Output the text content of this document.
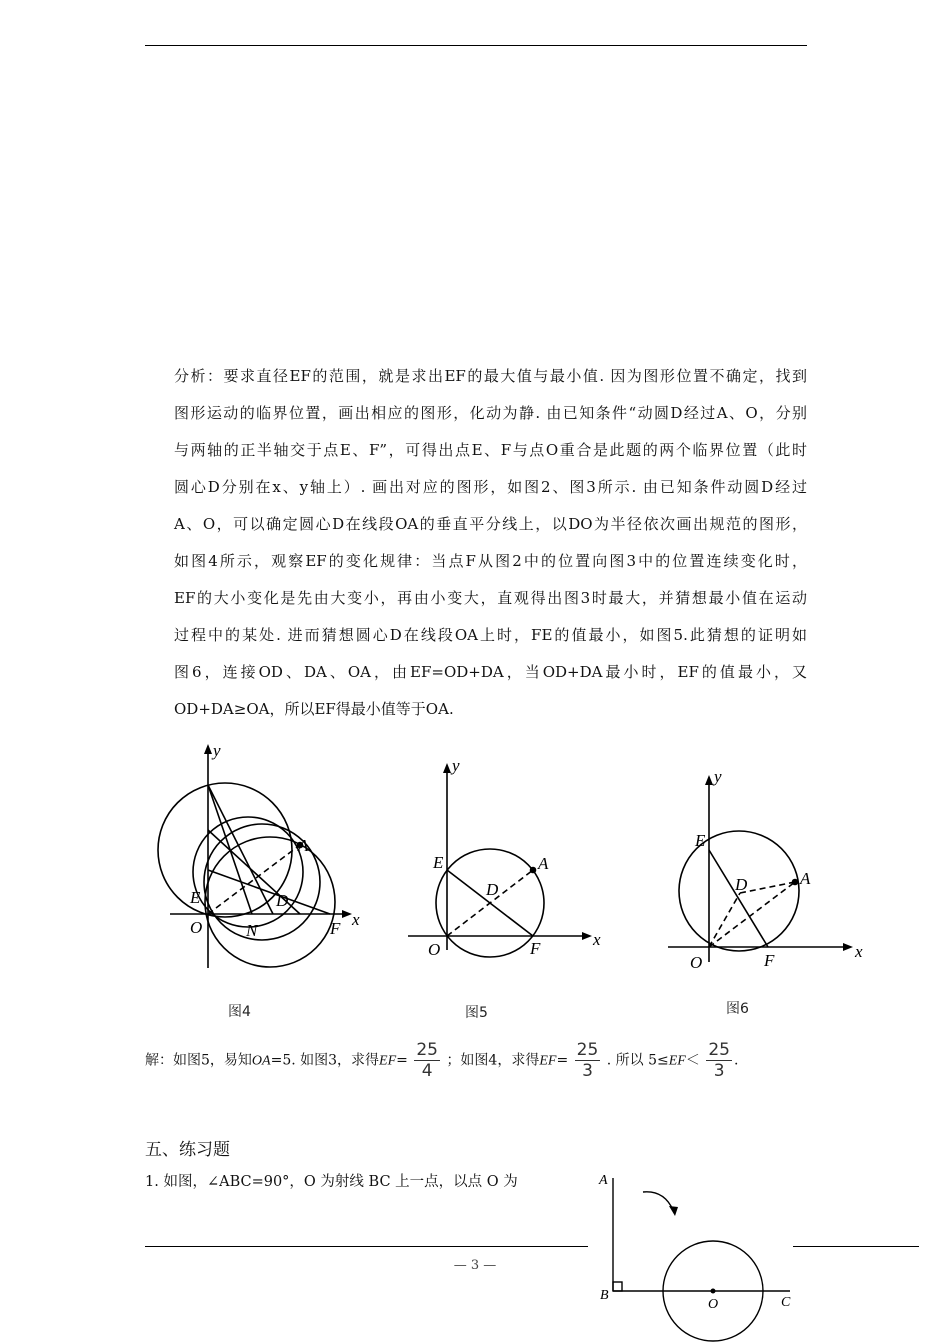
分析：要求直径EF的范围，就是求出EF的最大值与最小值. 因为图形位置不确定，找到
图形运动的临界位置，画出相应的图形，化动为静. 由已知条件“动圆D经过A、O，分别
与两轴的正半轴交于点E、F”，可得出点E、F与点O重合是此题的两个临界位置（此时
圆心D分别在x、y轴上）. 画出对应的图形，如图2、图3所示. 由已知条件动圆D经过
A、O，可以确定圆心D在线段OA的垂直平分线上，以DO为半径依次画出规范的图形，
如图4所示，观察EF的变化规律：当点F从图2中的位置向图3中的位置连续变化时，
EF的大小变化是先由大变小，再由小变大，直观得出图3时最大，并猜想最小值在运动
过程中的某处. 进而猜想圆心D在线段OA上时，FE的值最小，如图5.此猜想的证明如
图6，连接OD、DA、OA，由EF=OD+DA，当OD+DA最小时，EF的值最小，又
OD+DA≥OA，所以EF得最小值等于OA.
y
x
A
E	D
O	N	F
图4
y
x
A
E
D
O	F
图5
y
x
A
E
D
O	F
图6
解：如图5，易知OA=5. 如图3，求得$EF= \frac{25}{4}$ ；如图4，求得$EF= \frac{25}{3}$ . 所以 $5\le EF< \frac{25}{3}$ .
五、练习题
1. 如图，∠ABC=90°，O 为射线 BC 上一点，以点 O 为	A
B
O	C
— 3 —
